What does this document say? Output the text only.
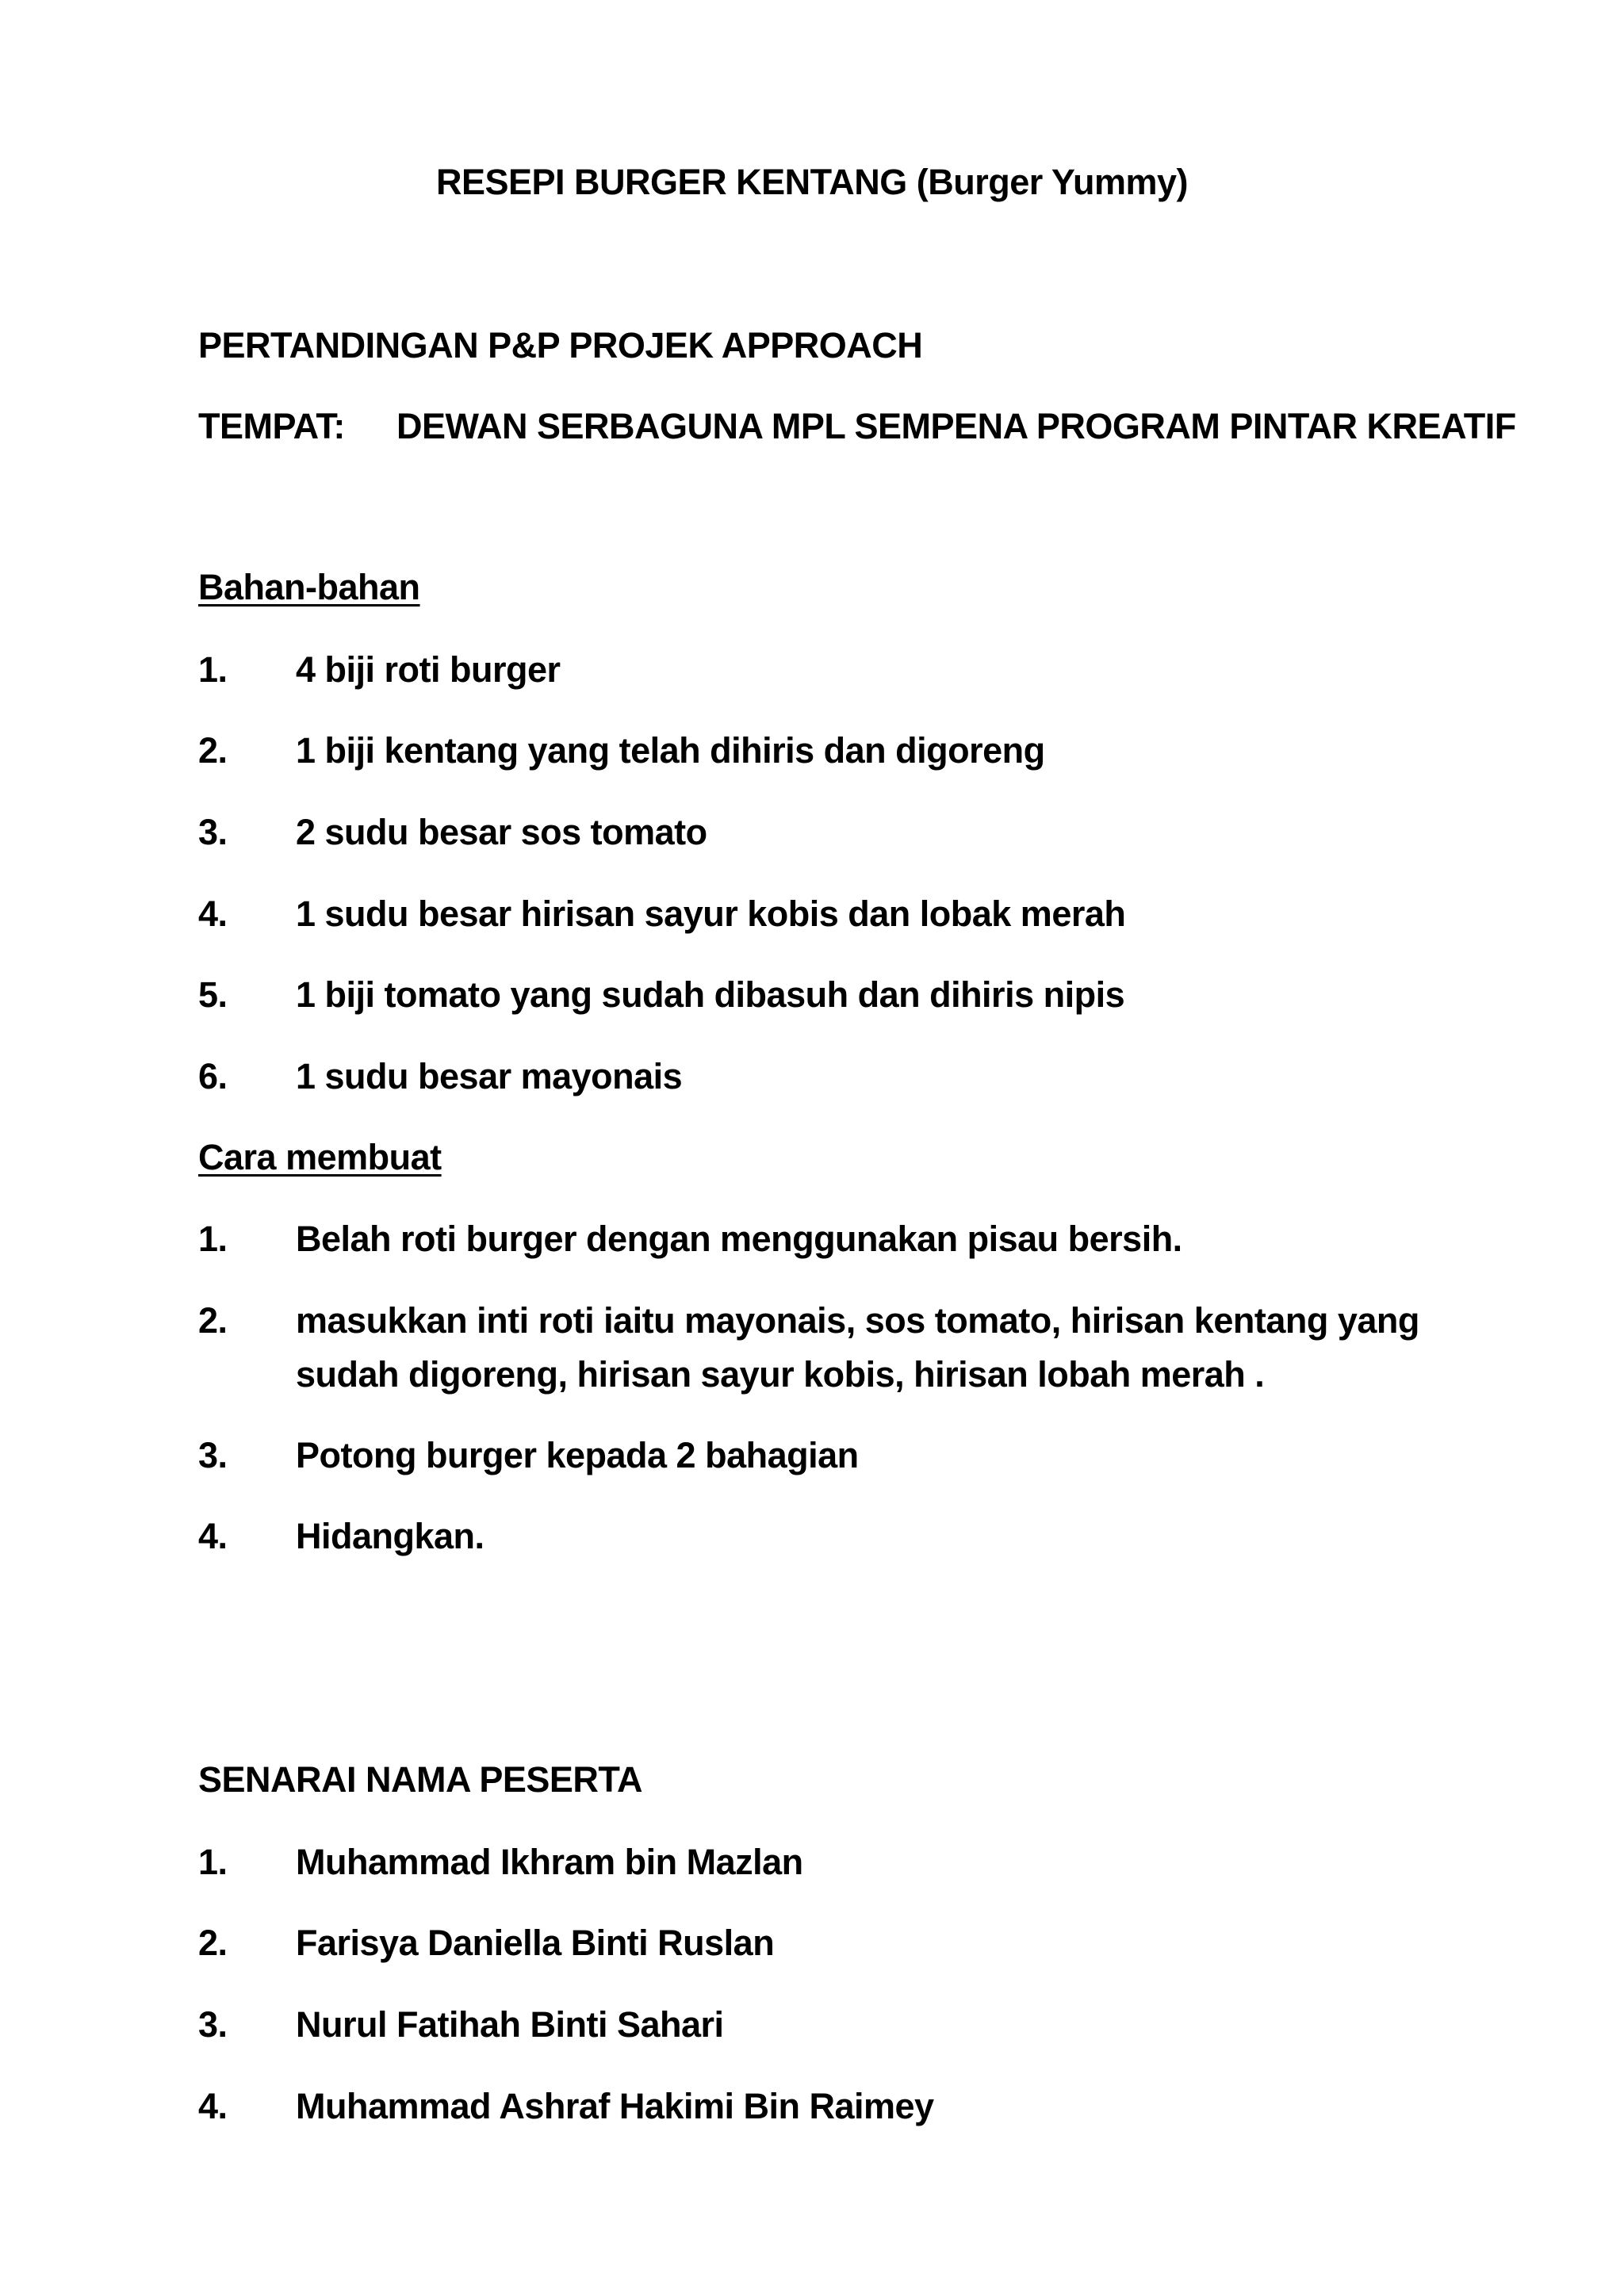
RESEPI BURGER KENTANG (Burger Yummy)
PERTANDINGAN P&P PROJEK APPROACH
TEMPAT: DEWAN SERBAGUNA MPL SEMPENA PROGRAM PINTAR KREATIF
Bahan-bahan
1. 4 biji roti burger
2. 1 biji kentang yang telah dihiris dan digoreng
3. 2 sudu besar sos tomato
4. 1 sudu besar hirisan sayur kobis dan lobak merah
5. 1 biji tomato yang sudah dibasuh dan dihiris nipis
6. 1 sudu besar mayonais
Cara membuat
1. Belah roti burger dengan menggunakan pisau bersih.
2. masukkan inti roti iaitu mayonais, sos tomato, hirisan kentang yang
sudah digoreng, hirisan sayur kobis, hirisan lobah merah .
3. Potong burger kepada 2 bahagian
4. Hidangkan.
SENARAI NAMA PESERTA
1. Muhammad Ikhram bin Mazlan
2. Farisya Daniella Binti Ruslan
3. Nurul Fatihah Binti Sahari
4. Muhammad Ashraf Hakimi Bin Raimey
